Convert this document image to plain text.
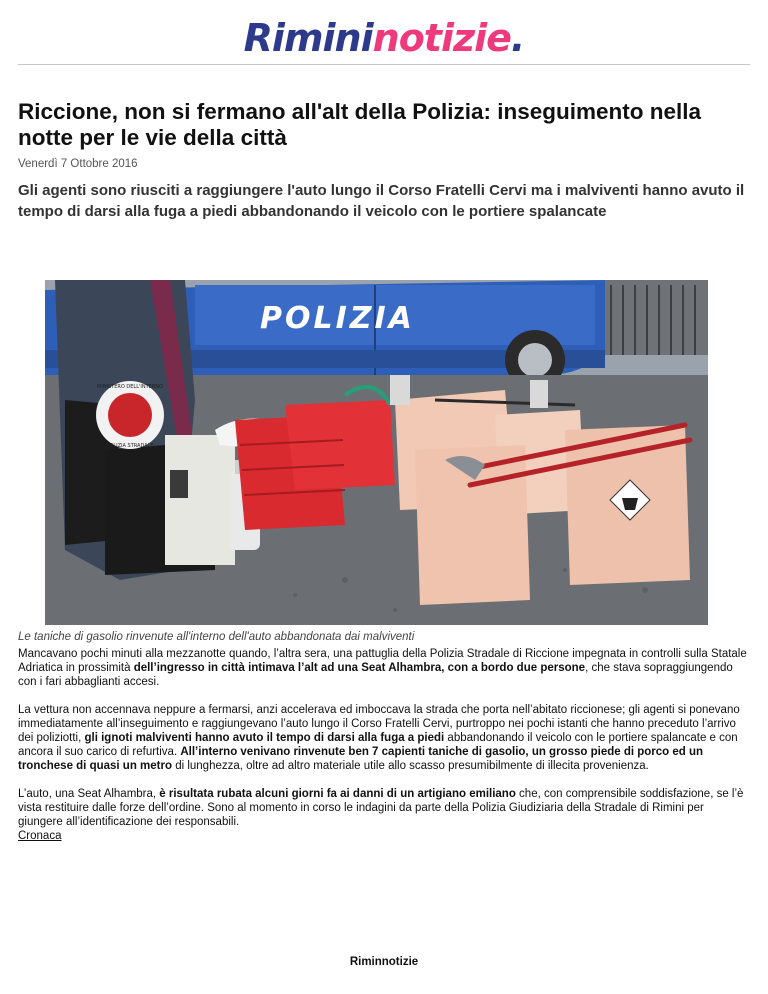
Rimininotizie.
Riccione, non si fermano all'alt della Polizia: inseguimento nella notte per le vie della città
Venerdì 7 Ottobre 2016
Gli agenti sono riusciti a raggiungere l'auto lungo il Corso Fratelli Cervi ma i malviventi hanno avuto il tempo di darsi alla fuga a piedi abbandonando il veicolo con le portiere spalancate
POLIZIA
MINISTERO DELL'INTERNO
POLIZIA STRADALE
Le taniche di gasolio rinvenute all'interno dell'auto abbandonata dai malviventi

Mancavano pochi minuti alla mezzanotte quando, l’altra sera, una pattuglia della Polizia Stradale di Riccione impegnata in controlli sulla Statale Adriatica in prossimità dell’ingresso in città intimava l’alt ad una Seat Alhambra, con a bordo due persone, che stava sopraggiungendo con i fari abbaglianti accesi.

La vettura non accennava neppure a fermarsi, anzi accelerava ed imboccava la strada che porta nell’abitato riccionese; gli agenti si ponevano immediatamente all’inseguimento e raggiungevano l’auto lungo il Corso Fratelli Cervi, purtroppo nei pochi istanti che hanno preceduto l’arrivo dei poliziotti, gli ignoti malviventi hanno avuto il tempo di darsi alla fuga a piedi abbandonando il veicolo con le portiere spalancate e con ancora il suo carico di refurtiva. All’interno venivano rinvenute ben 7 capienti taniche di gasolio, un grosso piede di porco ed un tronchese di quasi un metro di lunghezza, oltre ad altro materiale utile allo scasso presumibilmente di illecita provenienza.

L’auto, una Seat Alhambra, è risultata rubata alcuni giorni fa ai danni di un artigiano emiliano che, con comprensibile soddisfazione, se l’è vista restituire dalle forze dell’ordine. Sono al momento in corso le indagini da parte della Polizia Giudiziaria della Stradale di Rimini per giungere all’identificazione dei responsabili.

Cronaca
Riminnotizie
